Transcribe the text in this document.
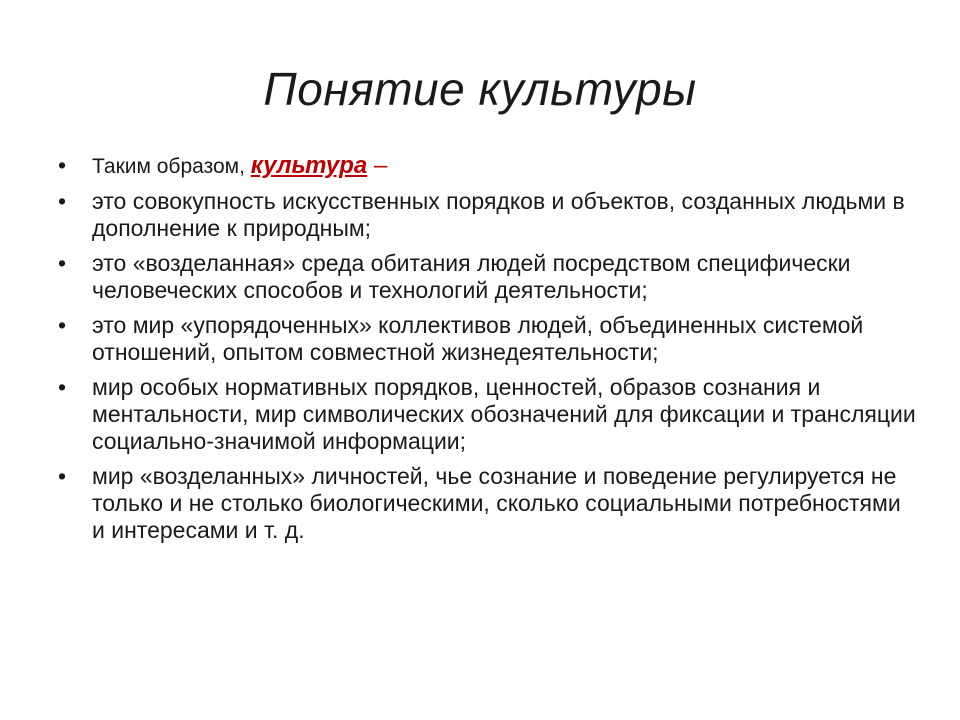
Понятие культуры
• Таким образом, культура –
• это совокупность искусственных порядков и объектов, созданных людьми в дополнение к природным;
• это «возделанная» среда обитания людей посредством специфически человеческих способов и технологий деятельности;
• это мир «упорядоченных» коллективов людей, объединенных системой отношений, опытом совместной жизнедеятельности;
• мир особых нормативных порядков, ценностей, образов сознания и ментальности, мир символических обозначений для фиксации и трансляции социально-значимой информации;
• мир «возделанных» личностей, чье сознание и поведение регулируется не только и не столько биологическими, сколько социальными потребностями и интересами и т. д.
